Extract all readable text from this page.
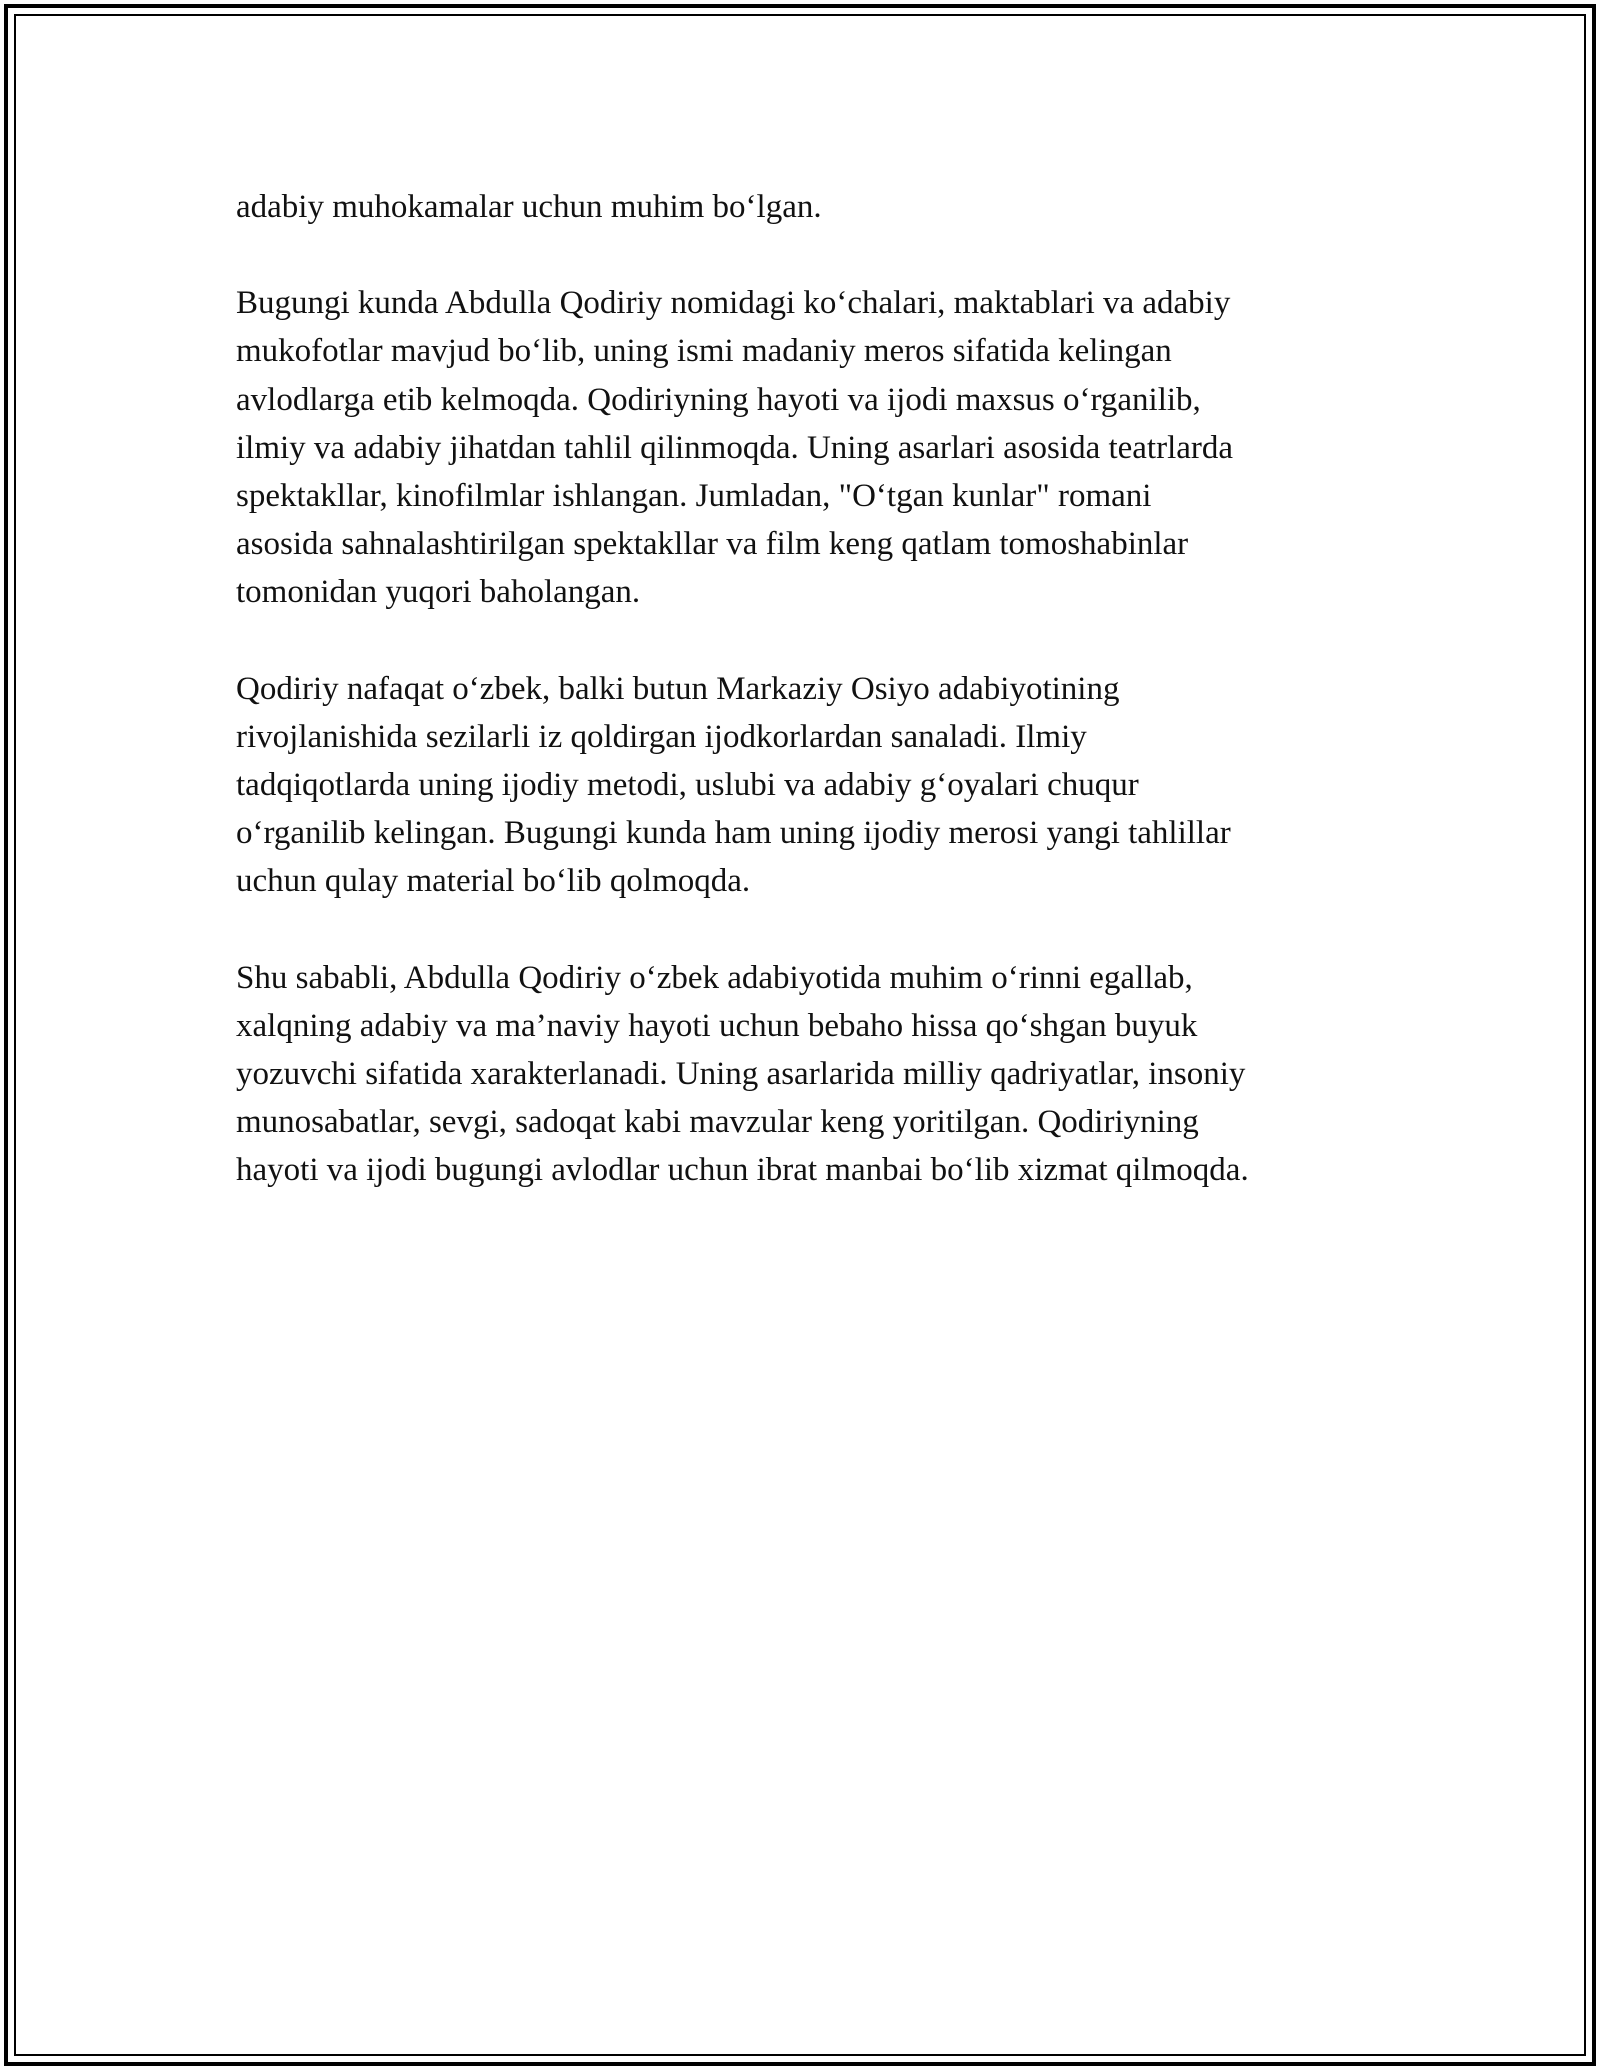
adabiy muhokamalar uchun muhim bo‘lgan.

Bugungi kunda Abdulla Qodiriy nomidagi ko‘chalari, maktablari va adabiy
mukofotlar mavjud bo‘lib, uning ismi madaniy meros sifatida kelingan
avlodlarga etib kelmoqda. Qodiriyning hayoti va ijodi maxsus o‘rganilib,
ilmiy va adabiy jihatdan tahlil qilinmoqda. Uning asarlari asosida teatrlarda
spektakllar, kinofilmlar ishlangan. Jumladan, "O‘tgan kunlar" romani
asosida sahnalashtirilgan spektakllar va film keng qatlam tomoshabinlar
tomonidan yuqori baholangan.

Qodiriy nafaqat o‘zbek, balki butun Markaziy Osiyo adabiyotining
rivojlanishida sezilarli iz qoldirgan ijodkorlardan sanaladi. Ilmiy
tadqiqotlarda uning ijodiy metodi, uslubi va adabiy g‘oyalari chuqur
o‘rganilib kelingan. Bugungi kunda ham uning ijodiy merosi yangi tahlillar
uchun qulay material bo‘lib qolmoqda.

Shu sababli, Abdulla Qodiriy o‘zbek adabiyotida muhim o‘rinni egallab,
xalqning adabiy va ma’naviy hayoti uchun bebaho hissa qo‘shgan buyuk
yozuvchi sifatida xarakterlanadi. Uning asarlarida milliy qadriyatlar, insoniy
munosabatlar, sevgi, sadoqat kabi mavzular keng yoritilgan. Qodiriyning
hayoti va ijodi bugungi avlodlar uchun ibrat manbai bo‘lib xizmat qilmoqda.
